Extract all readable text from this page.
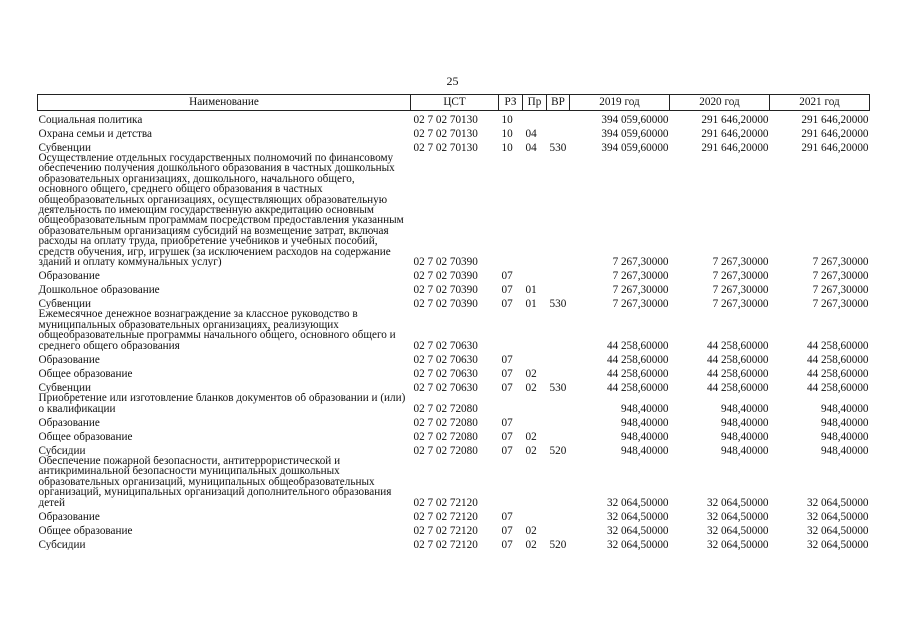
25
Наименование	ЦСТ	РЗ	Пр	ВР	2019 год	2020 год	2021 год
Социальная политика	02 7 02 70130	10			394 059,60000	291 646,20000	291 646,20000
Охрана семьи и детства	02 7 02 70130	10	04		394 059,60000	291 646,20000	291 646,20000
Субвенции	02 7 02 70130	10	04	530	394 059,60000	291 646,20000	291 646,20000
Осуществление отдельных государственных полномочий по финансовому обеспечению получения дошкольного образования в частных дошкольных образовательных организациях, дошкольного, начального общего, основного общего, среднего общего образования в частных общеобразовательных организациях, осуществляющих образовательную деятельность по имеющим государственную аккредитацию основным общеобразовательным программам посредством предоставления указанным образовательным организациям субсидий на возмещение затрат, включая расходы на оплату труда, приобретение учебников и учебных пособий, средств обучения, игр, игрушек (за исключением расходов на содержание зданий и оплату коммунальных услуг)	02 7 02 70390				7 267,30000	7 267,30000	7 267,30000
Образование	02 7 02 70390	07			7 267,30000	7 267,30000	7 267,30000
Дошкольное образование	02 7 02 70390	07	01		7 267,30000	7 267,30000	7 267,30000
Субвенции	02 7 02 70390	07	01	530	7 267,30000	7 267,30000	7 267,30000
Ежемесячное денежное вознаграждение за классное руководство в муниципальных образовательных организациях, реализующих общеобразовательные программы начального общего, основного общего и среднего общего образования	02 7 02 70630				44 258,60000	44 258,60000	44 258,60000
Образование	02 7 02 70630	07			44 258,60000	44 258,60000	44 258,60000
Общее образование	02 7 02 70630	07	02		44 258,60000	44 258,60000	44 258,60000
Субвенции	02 7 02 70630	07	02	530	44 258,60000	44 258,60000	44 258,60000
Приобретение или изготовление бланков документов об образовании и (или) о квалификации	02 7 02 72080				948,40000	948,40000	948,40000
Образование	02 7 02 72080	07			948,40000	948,40000	948,40000
Общее образование	02 7 02 72080	07	02		948,40000	948,40000	948,40000
Субсидии	02 7 02 72080	07	02	520	948,40000	948,40000	948,40000
Обеспечение пожарной безопасности, антитеррористической и антикриминальной безопасности муниципальных дошкольных образовательных организаций, муниципальных общеобразовательных организаций, муниципальных организаций дополнительного образования детей	02 7 02 72120				32 064,50000	32 064,50000	32 064,50000
Образование	02 7 02 72120	07			32 064,50000	32 064,50000	32 064,50000
Общее образование	02 7 02 72120	07	02		32 064,50000	32 064,50000	32 064,50000
Субсидии	02 7 02 72120	07	02	520	32 064,50000	32 064,50000	32 064,50000
